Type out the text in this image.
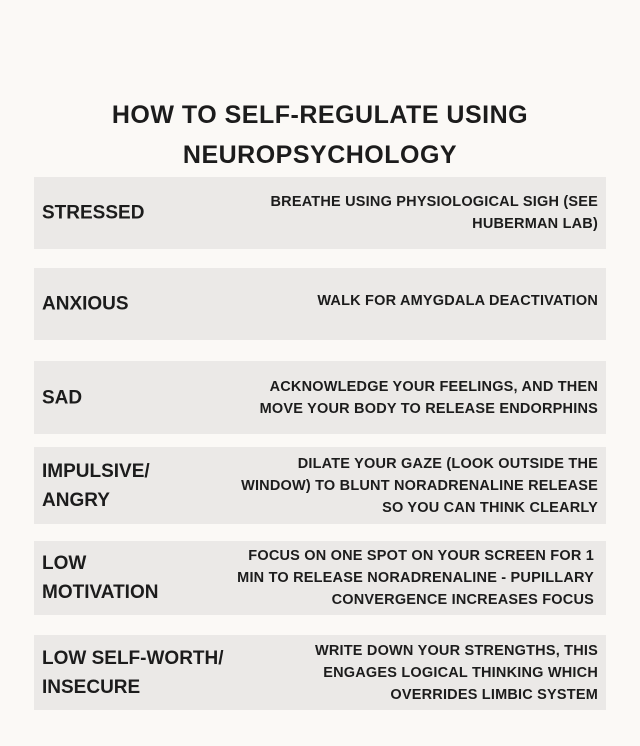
HOW TO SELF-REGULATE USING
NEUROPSYCHOLOGY
STRESSED
BREATHE USING PHYSIOLOGICAL SIGH (SEE
HUBERMAN LAB)
ANXIOUS	WALK FOR AMYGDALA DEACTIVATION
SAD
ACKNOWLEDGE YOUR FEELINGS, AND THEN
MOVE YOUR BODY TO RELEASE ENDORPHINS
IMPULSIVE/
ANGRY
DILATE YOUR GAZE (LOOK OUTSIDE THE
WINDOW) TO BLUNT NORADRENALINE RELEASE
SO YOU CAN THINK CLEARLY
LOW
MOTIVATION
FOCUS ON ONE SPOT ON YOUR SCREEN FOR 1
MIN TO RELEASE NORADRENALINE - PUPILLARY
CONVERGENCE INCREASES FOCUS
LOW SELF-WORTH/
INSECURE
WRITE DOWN YOUR STRENGTHS, THIS
ENGAGES LOGICAL THINKING WHICH
OVERRIDES LIMBIC SYSTEM
